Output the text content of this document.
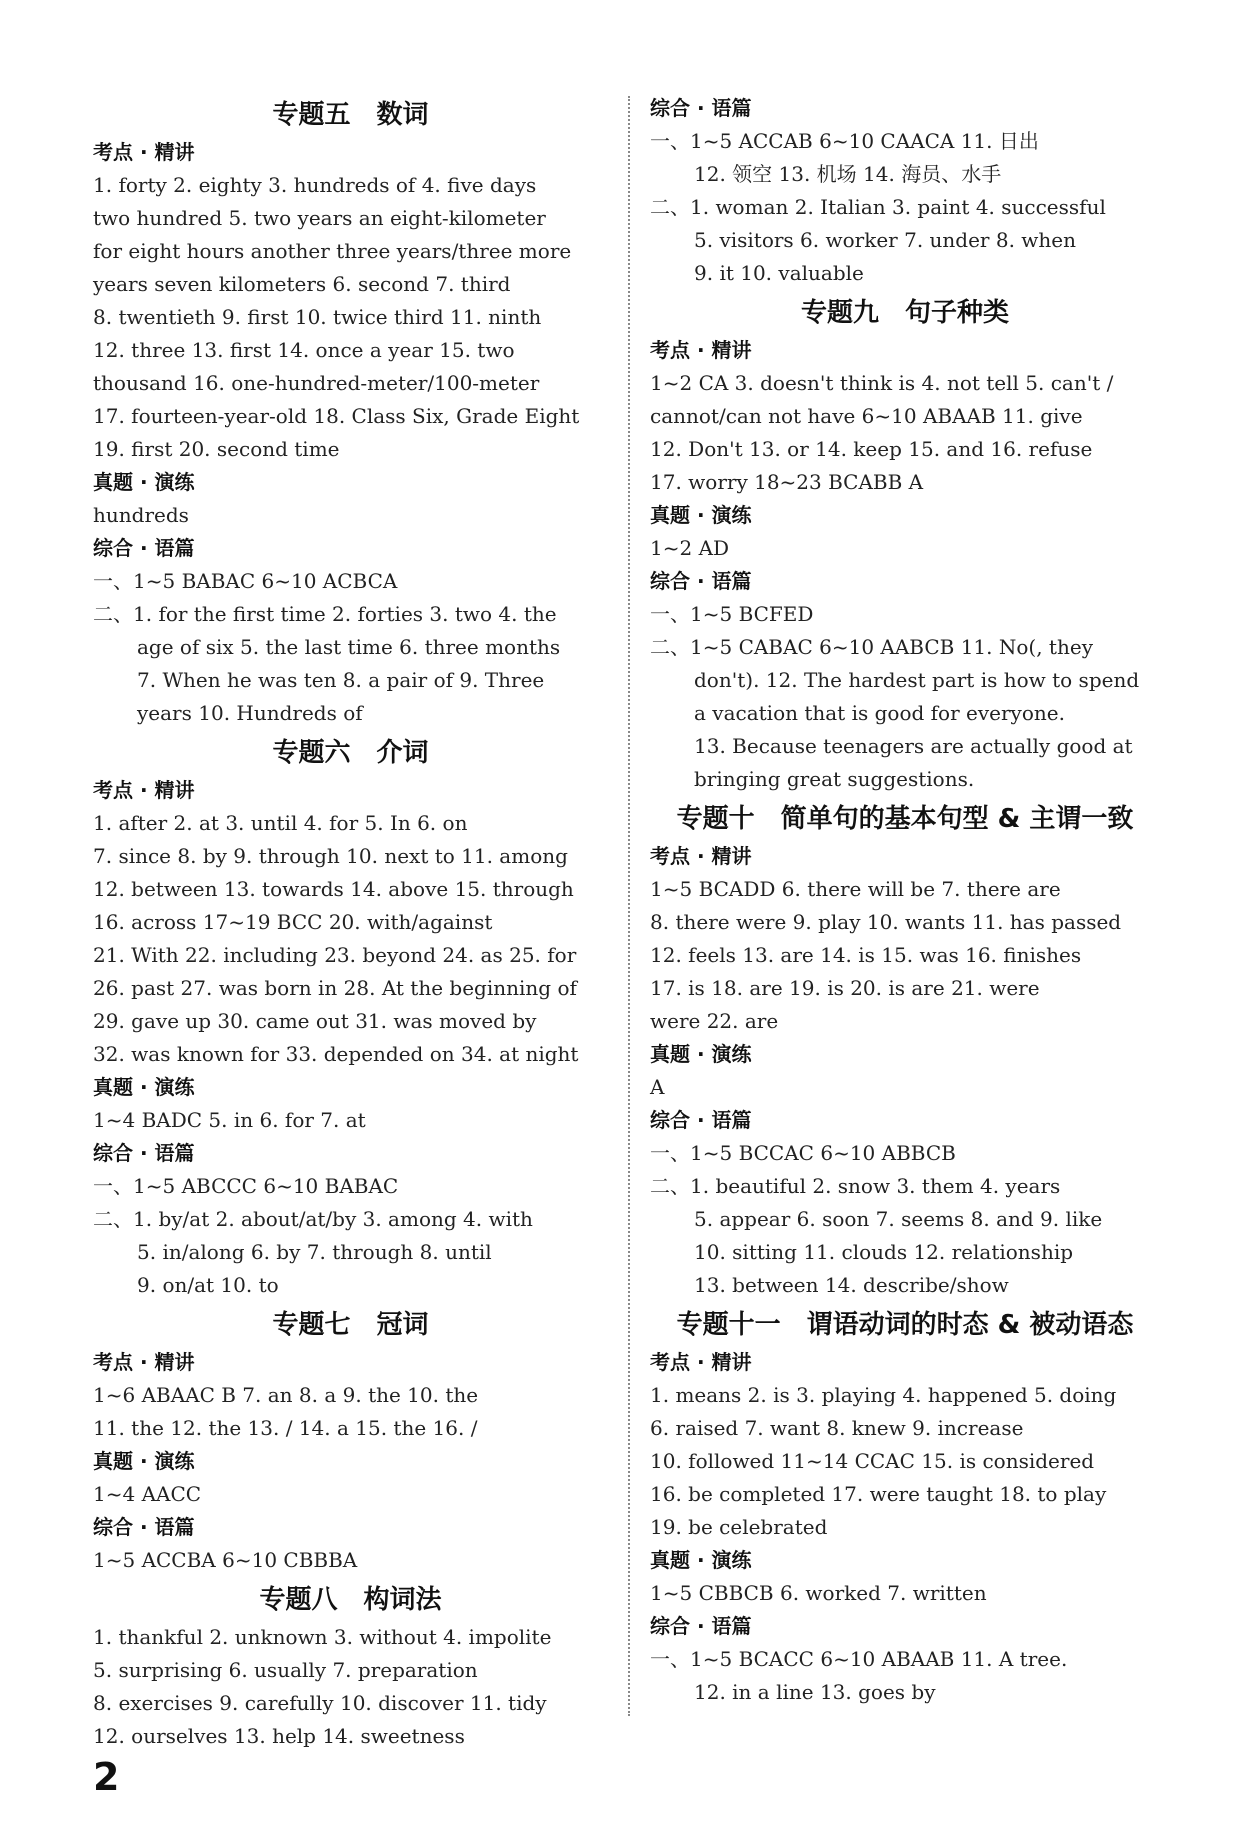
专题五　数词
考点 · 精讲
1. forty 2. eighty 3. hundreds of 4. five days
two hundred 5. two years an eight-kilometer
for eight hours another three years/three more
years seven kilometers 6. second 7. third
8. twentieth 9. first 10. twice third 11. ninth
12. three 13. first 14. once a year 15. two
thousand 16. one-hundred-meter/100-meter
17. fourteen-year-old 18. Class Six, Grade Eight
19. first 20. second time
真题 · 演练
hundreds
综合 · 语篇
一、1~5 BABAC 6~10 ACBCA
二、1. for the first time 2. forties 3. two 4. the
age of six 5. the last time 6. three months
7. When he was ten 8. a pair of 9. Three
years 10. Hundreds of
专题六　介词
考点 · 精讲
1. after 2. at 3. until 4. for 5. In 6. on
7. since 8. by 9. through 10. next to 11. among
12. between 13. towards 14. above 15. through
16. across 17~19 BCC 20. with/against
21. With 22. including 23. beyond 24. as 25. for
26. past 27. was born in 28. At the beginning of
29. gave up 30. came out 31. was moved by
32. was known for 33. depended on 34. at night
真题 · 演练
1~4 BADC 5. in 6. for 7. at
综合 · 语篇
一、1~5 ABCCC 6~10 BABAC
二、1. by/at 2. about/at/by 3. among 4. with
5. in/along 6. by 7. through 8. until
9. on/at 10. to
专题七　冠词
考点 · 精讲
1~6 ABAAC B 7. an 8. a 9. the 10. the
11. the 12. the 13. / 14. a 15. the 16. /
真题 · 演练
1~4 AACC
综合 · 语篇
1~5 ACCBA 6~10 CBBBA
专题八　构词法
1. thankful 2. unknown 3. without 4. impolite
5. surprising 6. usually 7. preparation
8. exercises 9. carefully 10. discover 11. tidy
12. ourselves 13. help 14. sweetness
综合 · 语篇
一、1~5 ACCAB 6~10 CAACA 11. 日出
12. 领空 13. 机场 14. 海员、水手
二、1. woman 2. Italian 3. paint 4. successful
5. visitors 6. worker 7. under 8. when
9. it 10. valuable
专题九　句子种类
考点 · 精讲
1~2 CA 3. doesn't think is 4. not tell 5. can't /
cannot/can not have 6~10 ABAAB 11. give
12. Don't 13. or 14. keep 15. and 16. refuse
17. worry 18~23 BCABB A
真题 · 演练
1~2 AD
综合 · 语篇
一、1~5 BCFED
二、1~5 CABAC 6~10 AABCB 11. No(, they
don't). 12. The hardest part is how to spend
a vacation that is good for everyone.
13. Because teenagers are actually good at
bringing great suggestions.
专题十　简单句的基本句型 & 主谓一致
考点 · 精讲
1~5 BCADD 6. there will be 7. there are
8. there were 9. play 10. wants 11. has passed
12. feels 13. are 14. is 15. was 16. finishes
17. is 18. are 19. is 20. is are 21. were
were 22. are
真题 · 演练
A
综合 · 语篇
一、1~5 BCCAC 6~10 ABBCB
二、1. beautiful 2. snow 3. them 4. years
5. appear 6. soon 7. seems 8. and 9. like
10. sitting 11. clouds 12. relationship
13. between 14. describe/show
专题十一　谓语动词的时态 & 被动语态
考点 · 精讲
1. means 2. is 3. playing 4. happened 5. doing
6. raised 7. want 8. knew 9. increase
10. followed 11~14 CCAC 15. is considered
16. be completed 17. were taught 18. to play
19. be celebrated
真题 · 演练
1~5 CBBCB 6. worked 7. written
综合 · 语篇
一、1~5 BCACC 6~10 ABAAB 11. A tree.
12. in a line 13. goes by
2
